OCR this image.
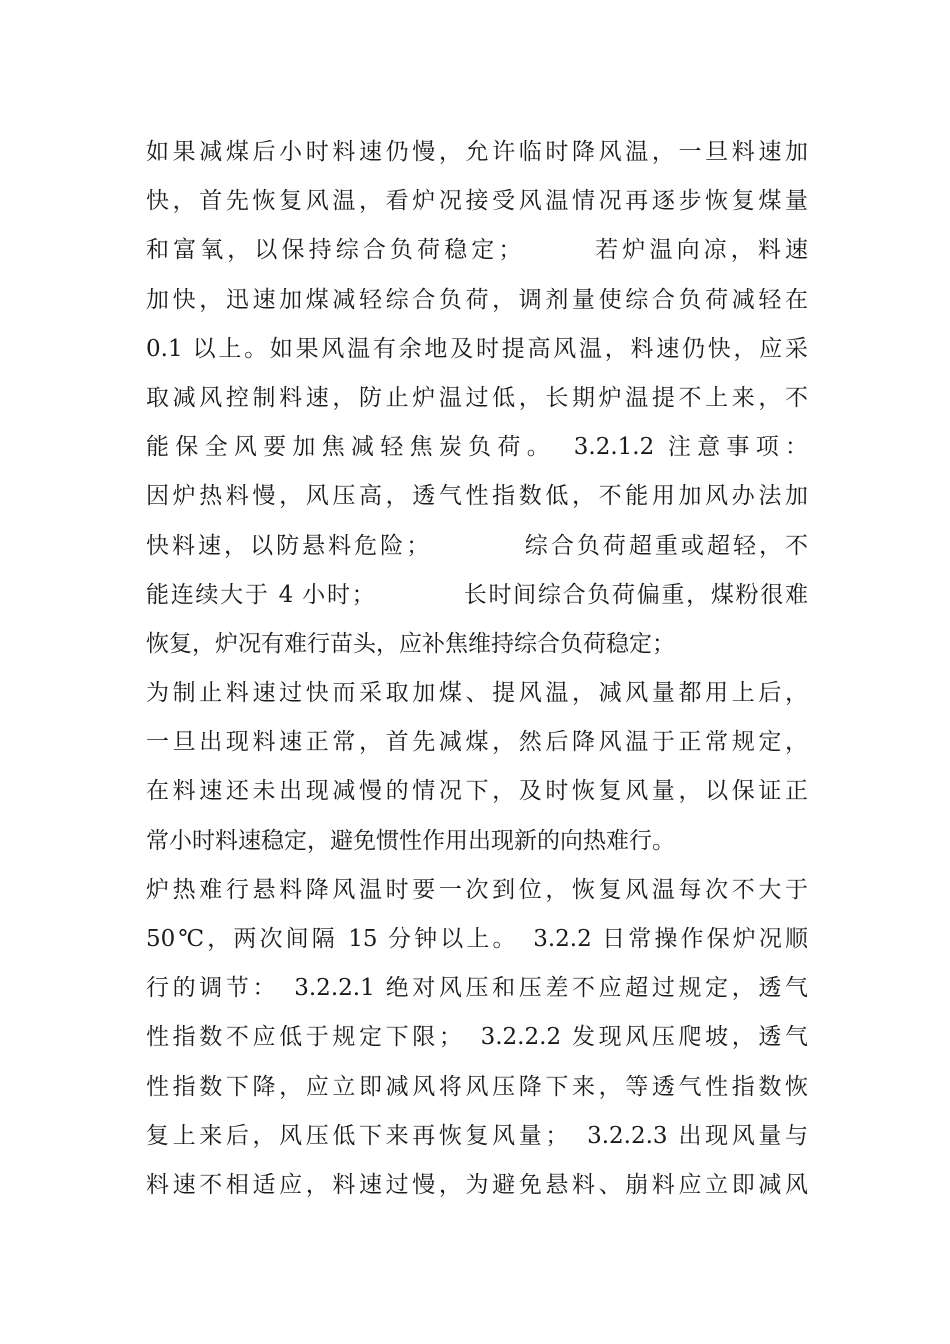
如果减煤后小时料速仍慢，允许临时降风温，一旦料速加
快，首先恢复风温，看炉况接受风温情况再逐步恢复煤量
和富氧，以保持综合负荷稳定；　　　若炉温向凉，料速
加快，迅速加煤减轻综合负荷，调剂量使综合负荷减轻在
0.1 以上。如果风温有余地及时提高风温，料速仍快，应采
取减风控制料速，防止炉温过低，长期炉温提不上来，不
能保全风要加焦减轻焦炭负荷。　3.2.1.2 注意事项：
因炉热料慢，风压高，透气性指数低，不能用加风办法加
快料速，以防悬料危险；　　　　综合负荷超重或超轻，不
能连续大于 4 小时；　　　　长时间综合负荷偏重，煤粉很难
恢复，炉况有难行苗头，应补焦维持综合负荷稳定；
为制止料速过快而采取加煤、提风温，减风量都用上后，
一旦出现料速正常，首先减煤，然后降风温于正常规定，
在料速还未出现减慢的情况下，及时恢复风量，以保证正
常小时料速稳定，避免惯性作用出现新的向热难行。
炉热难行悬料降风温时要一次到位，恢复风温每次不大于
50℃，两次间隔 15 分钟以上。　3.2.2 日常操作保炉况顺
行的调节：　3.2.2.1 绝对风压和压差不应超过规定，透气
性指数不应低于规定下限；　3.2.2.2 发现风压爬坡，透气
性指数下降，应立即减风将风压降下来，等透气性指数恢
复上来后，风压低下来再恢复风量；　3.2.2.3 出现风量与
料速不相适应，料速过慢，为避免悬料、崩料应立即减风
